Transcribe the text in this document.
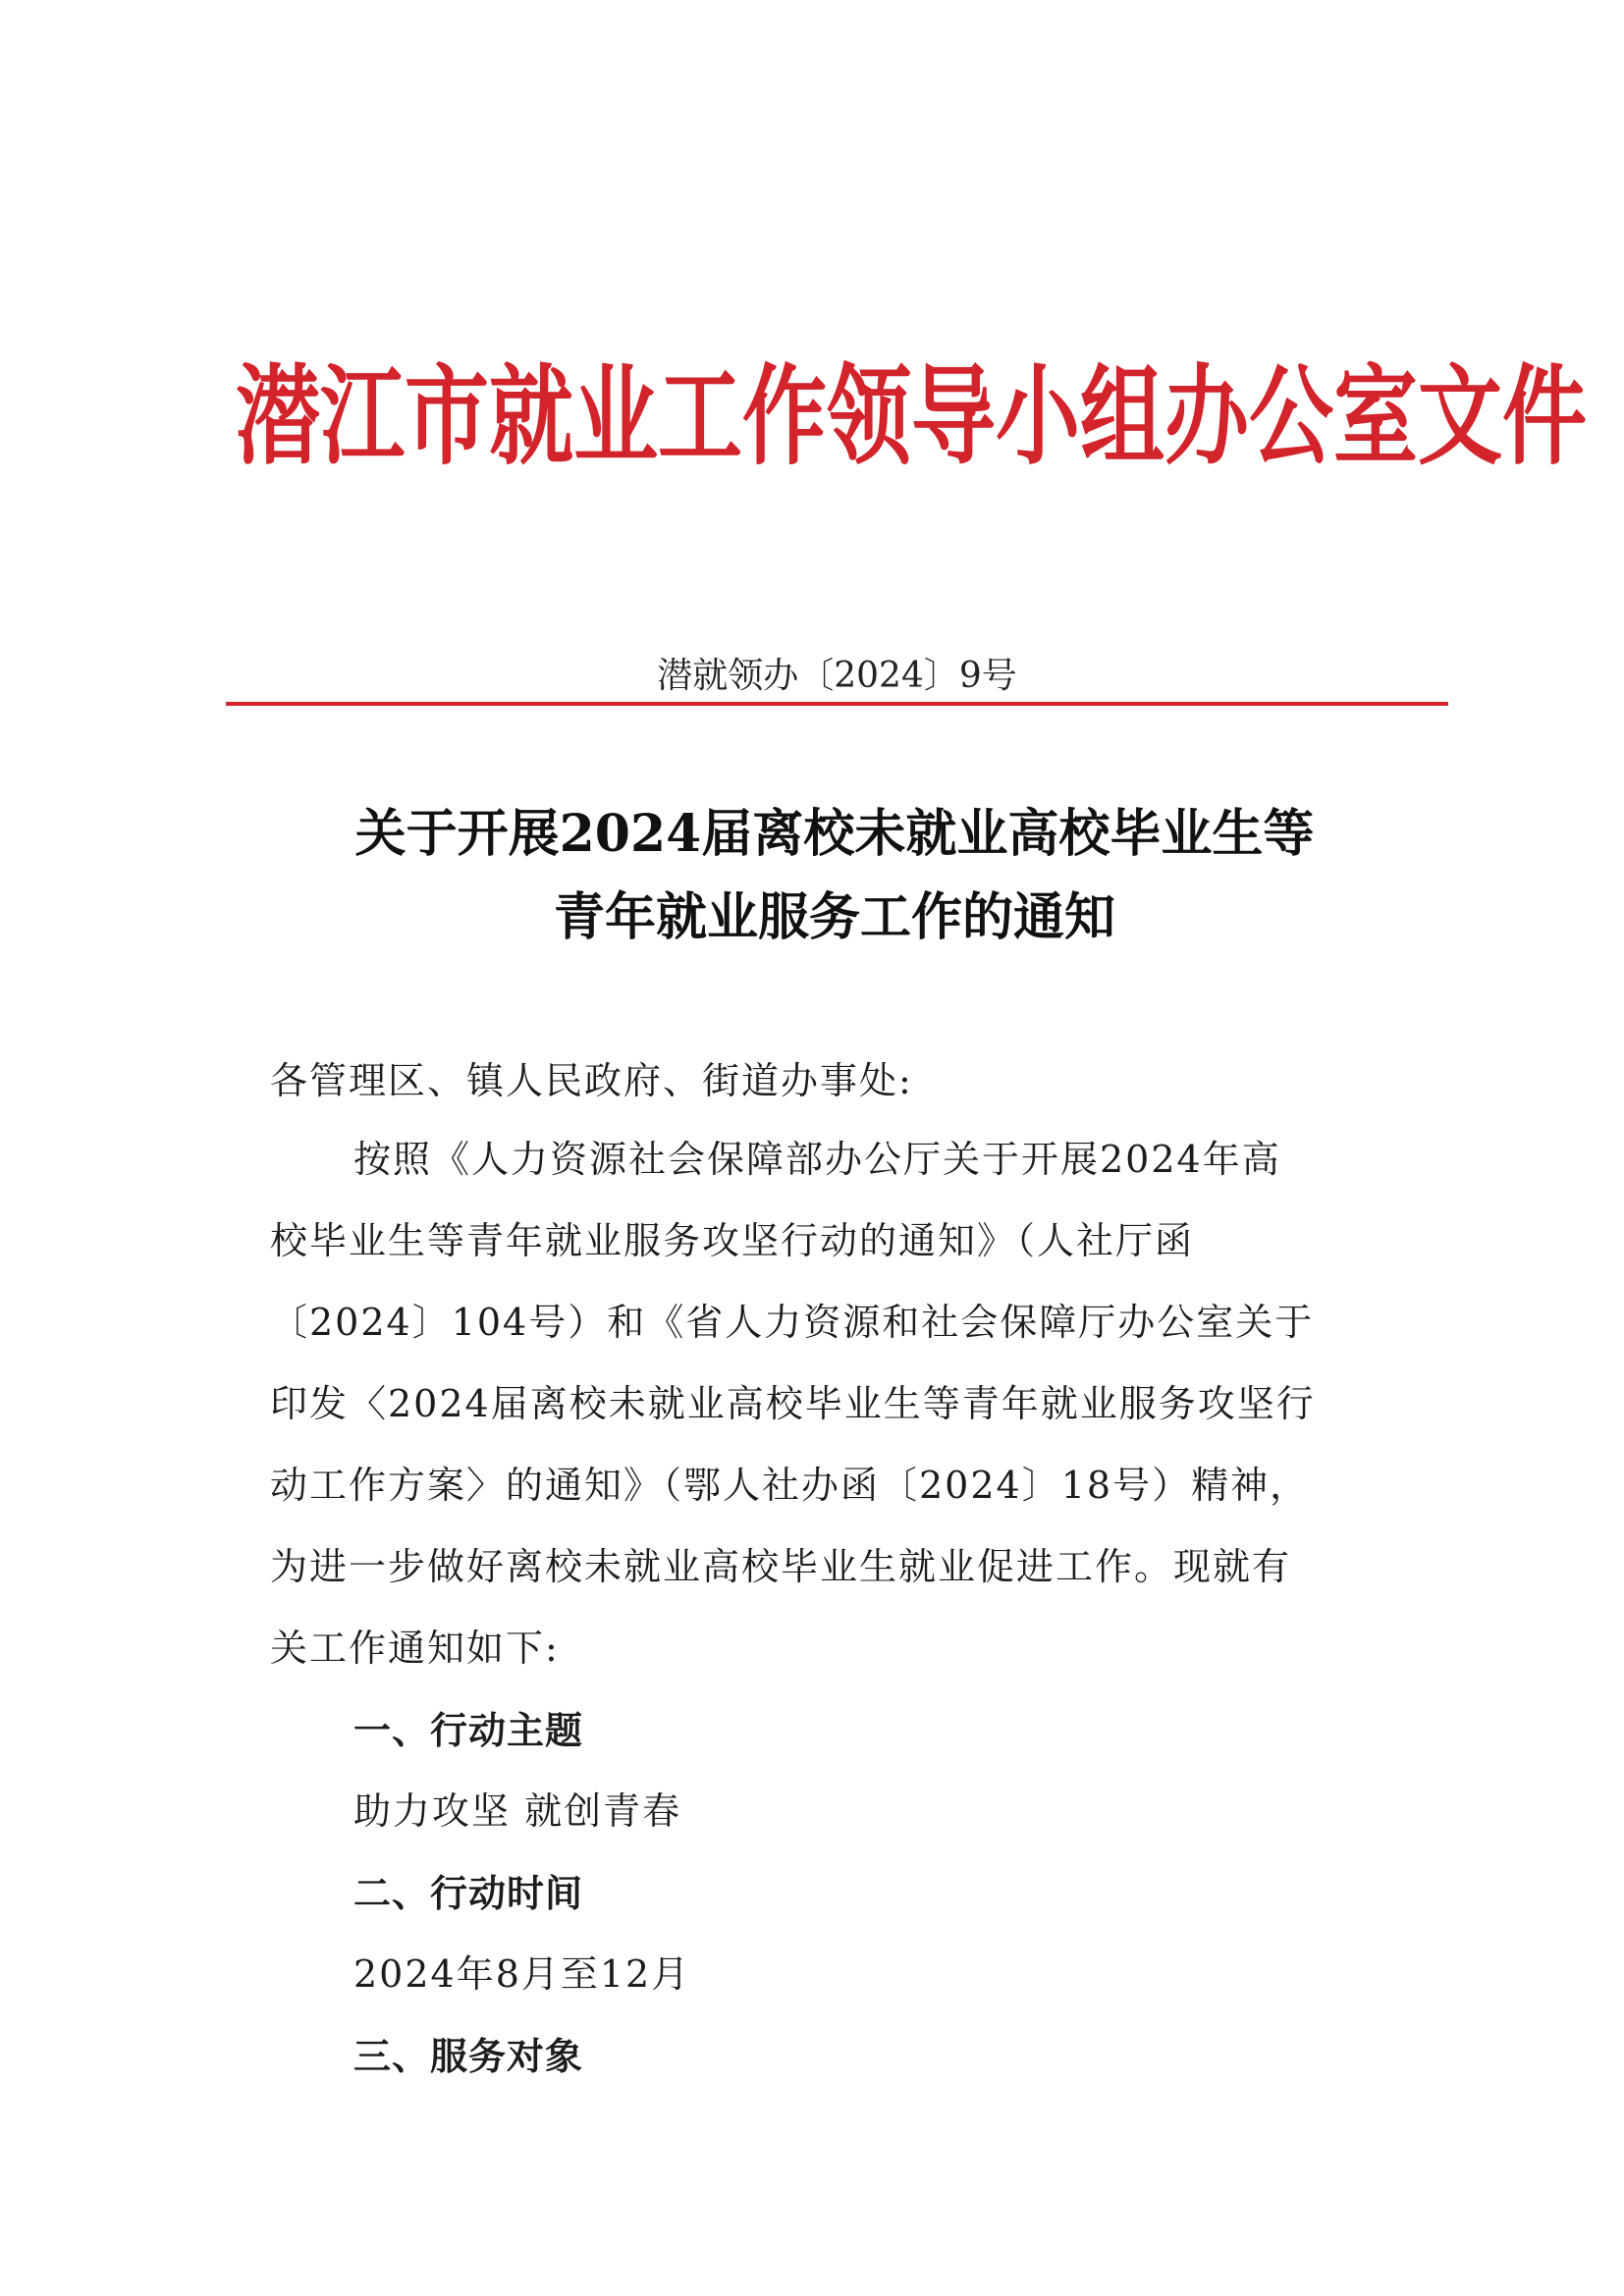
潜江市就业工作领导小组办公室文件
潜就领办〔2024〕9号
关于开展2024届离校未就业高校毕业生等
青年就业服务工作的通知
各管理区、镇人民政府、街道办事处:
按照《人力资源社会保障部办公厅关于开展2024年高
校毕业生等青年就业服务攻坚行动的通知》（人社厅函
〔2024〕104号）和《省人力资源和社会保障厅办公室关于
印发〈2024届离校未就业高校毕业生等青年就业服务攻坚行
动工作方案〉的通知》（鄂人社办函〔2024〕18号）精神，
为进一步做好离校未就业高校毕业生就业促进工作。现就有
关工作通知如下:
一、行动主题
助力攻坚 就创青春
二、行动时间
2024年8月至12月
三、服务对象
